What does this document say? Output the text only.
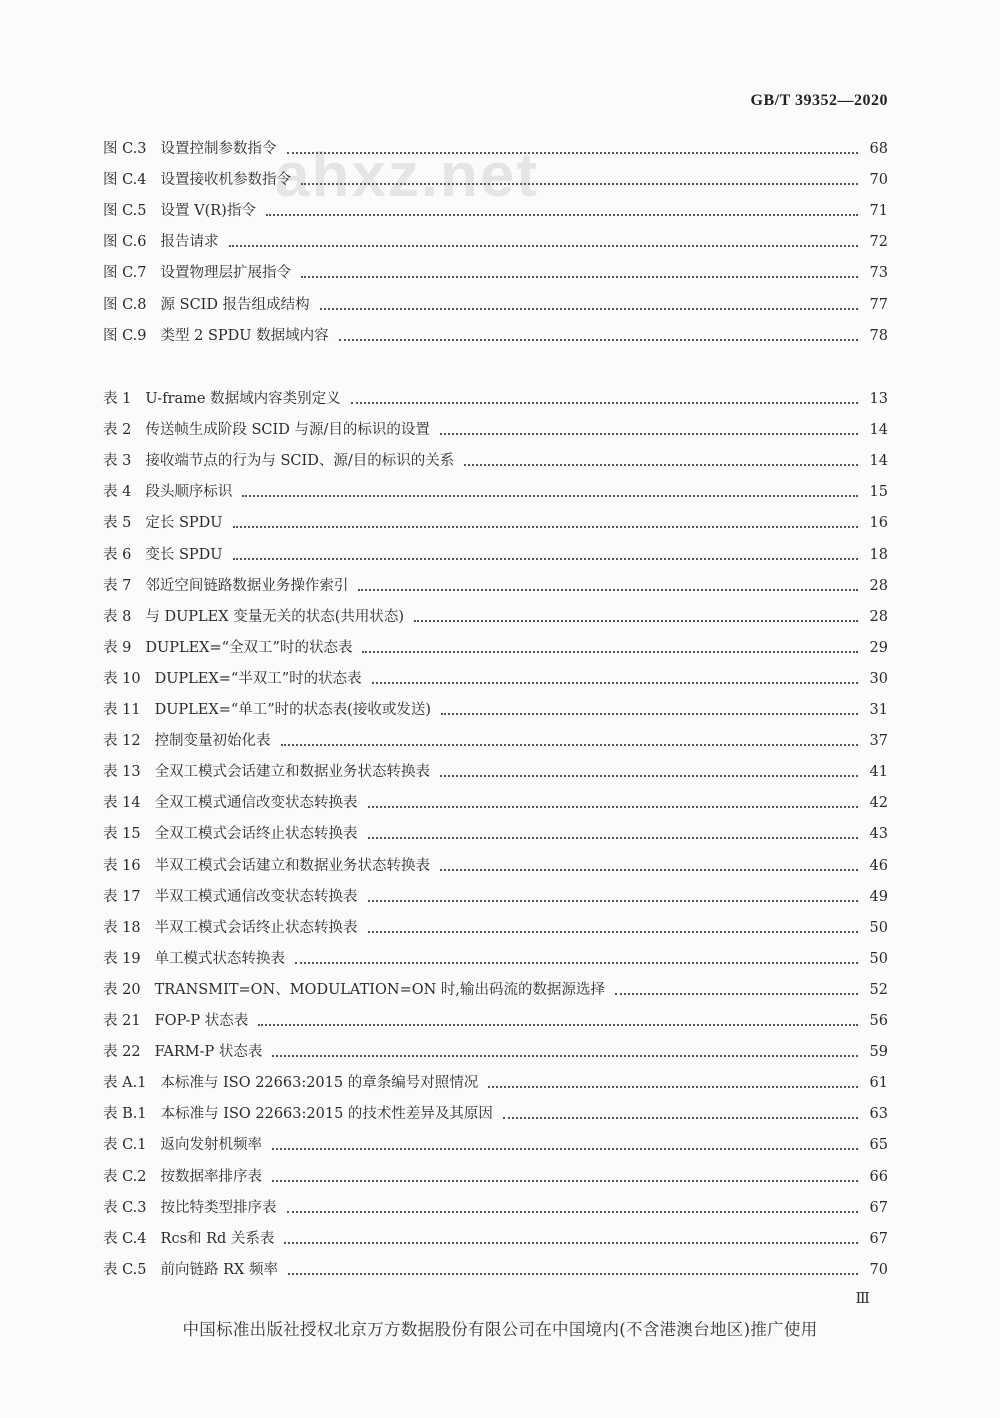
GB/T 39352—2020
ahxz.net
图 C.3 设置控制参数指令	68
图 C.4 设置接收机参数指令	70
图 C.5 设置 V(R)指令	71
图 C.6 报告请求	72
图 C.7 设置物理层扩展指令	73
图 C.8 源 SCID 报告组成结构	77
图 C.9 类型 2 SPDU 数据域内容	78
表 1 U-frame 数据域内容类别定义	13
表 2 传送帧生成阶段 SCID 与源/目的标识的设置	14
表 3 接收端节点的行为与 SCID、源/目的标识的关系	14
表 4 段头顺序标识	15
表 5 定长 SPDU	16
表 6 变长 SPDU	18
表 7 邻近空间链路数据业务操作索引	28
表 8 与 DUPLEX 变量无关的状态(共用状态)	28
表 9 DUPLEX=“全双工”时的状态表	29
表 10 DUPLEX=“半双工”时的状态表	30
表 11 DUPLEX=“单工”时的状态表(接收或发送)	31
表 12 控制变量初始化表	37
表 13 全双工模式会话建立和数据业务状态转换表	41
表 14 全双工模式通信改变状态转换表	42
表 15 全双工模式会话终止状态转换表	43
表 16 半双工模式会话建立和数据业务状态转换表	46
表 17 半双工模式通信改变状态转换表	49
表 18 半双工模式会话终止状态转换表	50
表 19 单工模式状态转换表	50
表 20 TRANSMIT=ON、MODULATION=ON 时,输出码流的数据源选择	52
表 21 FOP-P 状态表	56
表 22 FARM-P 状态表	59
表 A.1 本标准与 ISO 22663:2015 的章条编号对照情况	61
表 B.1 本标准与 ISO 22663:2015 的技术性差异及其原因	63
表 C.1 返向发射机频率	65
表 C.2 按数据率排序表	66
表 C.3 按比特类型排序表	67
表 C.4 Rcs和 Rd 关系表	67
表 C.5 前向链路 RX 频率	70
Ⅲ
中国标准出版社授权北京万方数据股份有限公司在中国境内(不含港澳台地区)推广使用
